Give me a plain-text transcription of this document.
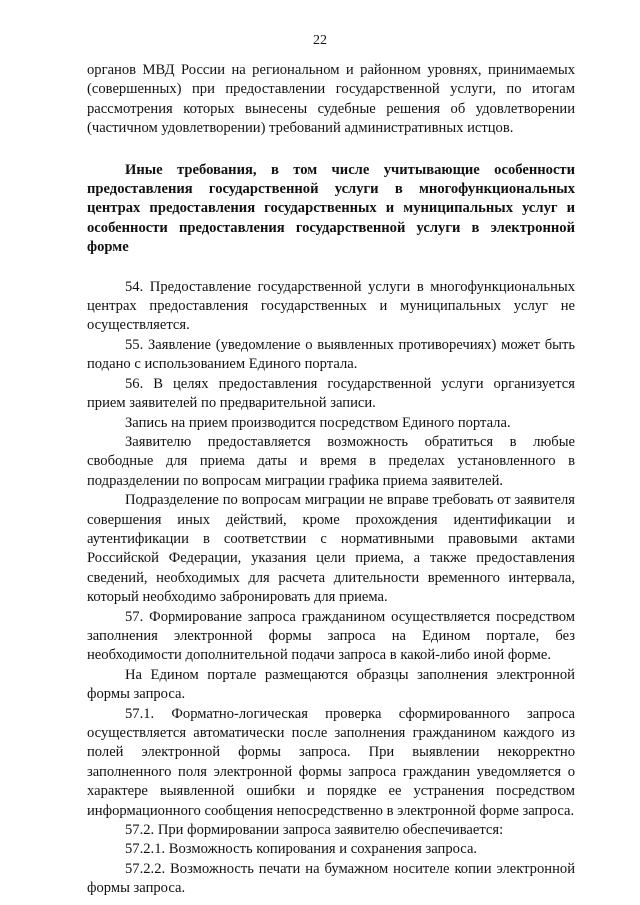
22

органов МВД России на региональном и районном уровнях, принимаемых (совершенных) при предоставлении государственной услуги, по итогам рассмотрения которых вынесены судебные решения об удовлетворении (частичном удовлетворении) требований административных истцов.

Иные требования, в том числе учитывающие особенности предоставления государственной услуги в многофункциональных центрах предоставления государственных и муниципальных услуг и особенности предоставления государственной услуги в электронной форме

54. Предоставление государственной услуги в многофункциональных центрах предоставления государственных и муниципальных услуг не осуществляется.

55. Заявление (уведомление о выявленных противоречиях) может быть подано с использованием Единого портала.

56. В целях предоставления государственной услуги организуется прием заявителей по предварительной записи.

Запись на прием производится посредством Единого портала.

Заявителю предоставляется возможность обратиться в любые свободные для приема даты и время в пределах установленного в подразделении по вопросам миграции графика приема заявителей.

Подразделение по вопросам миграции не вправе требовать от заявителя совершения иных действий, кроме прохождения идентификации и аутентификации в соответствии с нормативными правовыми актами Российской Федерации, указания цели приема, а также предоставления сведений, необходимых для расчета длительности временного интервала, который необходимо забронировать для приема.

57. Формирование запроса гражданином осуществляется посредством заполнения электронной формы запроса на Едином портале, без необходимости дополнительной подачи запроса в какой-либо иной форме.

На Едином портале размещаются образцы заполнения электронной формы запроса.

57.1. Форматно-логическая проверка сформированного запроса осуществляется автоматически после заполнения гражданином каждого из полей электронной формы запроса. При выявлении некорректно заполненного поля электронной формы запроса гражданин уведомляется о характере выявленной ошибки и порядке ее устранения посредством информационного сообщения непосредственно в электронной форме запроса.

57.2. При формировании запроса заявителю обеспечивается:

57.2.1. Возможность копирования и сохранения запроса.

57.2.2. Возможность печати на бумажном носителе копии электронной формы запроса.
